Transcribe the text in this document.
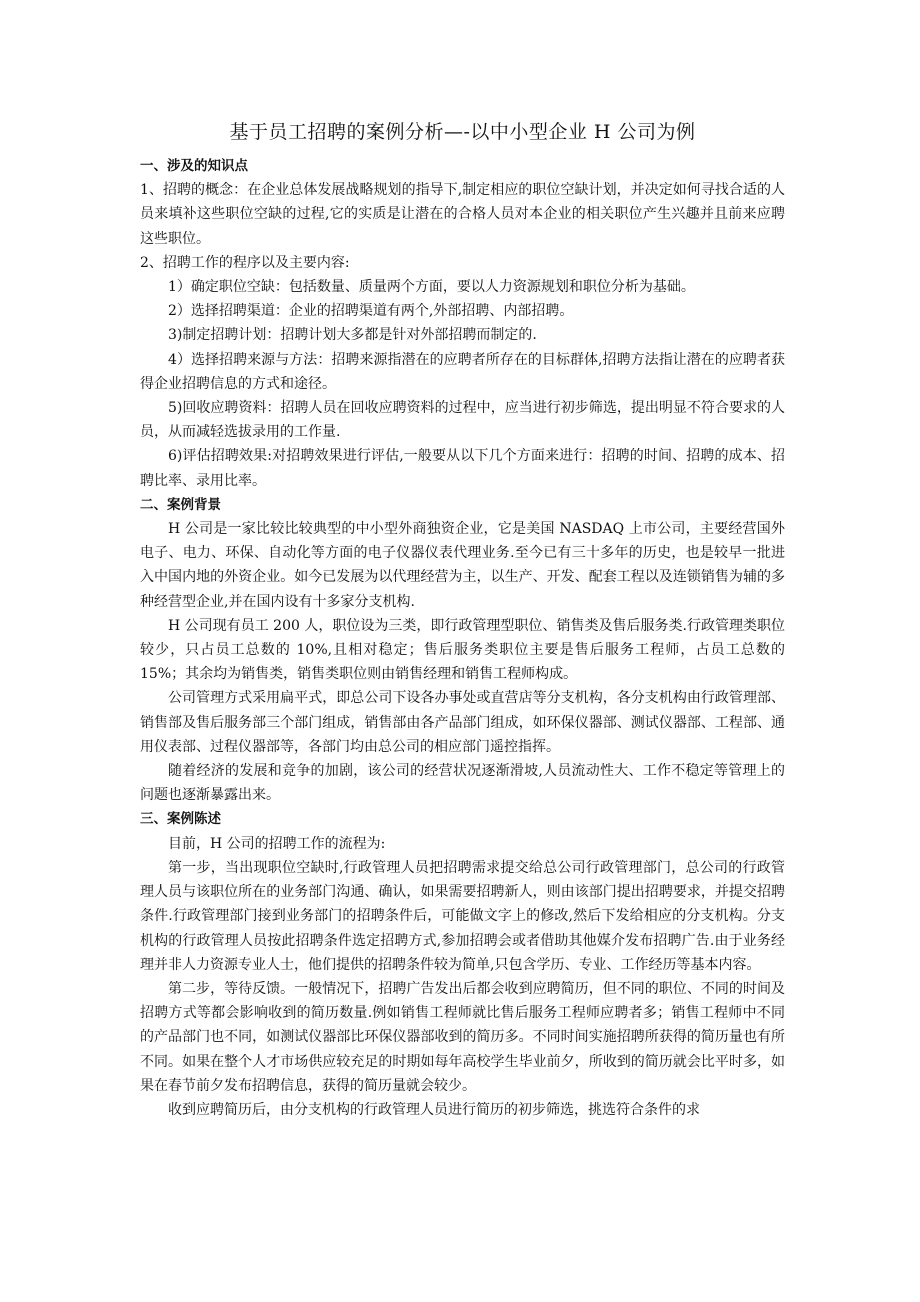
基于员工招聘的案例分析—-以中小型企业 H 公司为例
一、涉及的知识点
1、招聘的概念：在企业总体发展战略规划的指导下,制定相应的职位空缺计划，并决定如何寻找合适的人员来填补这些职位空缺的过程,它的实质是让潜在的合格人员对本企业的相关职位产生兴趣并且前来应聘这些职位。
2、招聘工作的程序以及主要内容:
1）确定职位空缺：包括数量、质量两个方面，要以人力资源规划和职位分析为基础。
2）选择招聘渠道：企业的招聘渠道有两个,外部招聘、内部招聘。
3)制定招聘计划：招聘计划大多都是针对外部招聘而制定的.
4）选择招聘来源与方法：招聘来源指潜在的应聘者所存在的目标群体,招聘方法指让潜在的应聘者获得企业招聘信息的方式和途径。
5)回收应聘资料：招聘人员在回收应聘资料的过程中，应当进行初步筛选，提出明显不符合要求的人员，从而减轻选拔录用的工作量.
6)评估招聘效果:对招聘效果进行评估,一般要从以下几个方面来进行：招聘的时间、招聘的成本、招聘比率、录用比率。
二、案例背景
H 公司是一家比较比较典型的中小型外商独资企业，它是美国 NASDAQ 上市公司，主要经营国外电子、电力、环保、自动化等方面的电子仪器仪表代理业务.至今已有三十多年的历史，也是较早一批进入中国内地的外资企业。如今已发展为以代理经营为主，以生产、开发、配套工程以及连锁销售为辅的多种经营型企业,并在国内设有十多家分支机构.
H 公司现有员工 200 人，职位设为三类，即行政管理型职位、销售类及售后服务类.行政管理类职位较少，只占员工总数的 10%,且相对稳定；售后服务类职位主要是售后服务工程师，占员工总数的 15%；其余均为销售类，销售类职位则由销售经理和销售工程师构成。
公司管理方式采用扁平式，即总公司下设各办事处或直营店等分支机构，各分支机构由行政管理部、销售部及售后服务部三个部门组成，销售部由各产品部门组成，如环保仪器部、测试仪器部、工程部、通用仪表部、过程仪器部等，各部门均由总公司的相应部门遥控指挥。
随着经济的发展和竞争的加剧，该公司的经营状况逐渐滑坡,人员流动性大、工作不稳定等管理上的问题也逐渐暴露出来。
三、案例陈述
目前，H 公司的招聘工作的流程为:
第一步，当出现职位空缺时,行政管理人员把招聘需求提交给总公司行政管理部门，总公司的行政管理人员与该职位所在的业务部门沟通、确认，如果需要招聘新人，则由该部门提出招聘要求，并提交招聘条件.行政管理部门接到业务部门的招聘条件后，可能做文字上的修改,然后下发给相应的分支机构。分支机构的行政管理人员按此招聘条件选定招聘方式,参加招聘会或者借助其他媒介发布招聘广告.由于业务经理并非人力资源专业人士，他们提供的招聘条件较为简单,只包含学历、专业、工作经历等基本内容。
第二步，等待反馈。一般情况下，招聘广告发出后都会收到应聘简历，但不同的职位、不同的时间及招聘方式等都会影响收到的简历数量.例如销售工程师就比售后服务工程师应聘者多；销售工程师中不同的产品部门也不同，如测试仪器部比环保仪器部收到的简历多。不同时间实施招聘所获得的简历量也有所不同。如果在整个人才市场供应较充足的时期如每年高校学生毕业前夕，所收到的简历就会比平时多，如果在春节前夕发布招聘信息，获得的简历量就会较少。
收到应聘简历后，由分支机构的行政管理人员进行简历的初步筛选，挑选符合条件的求
